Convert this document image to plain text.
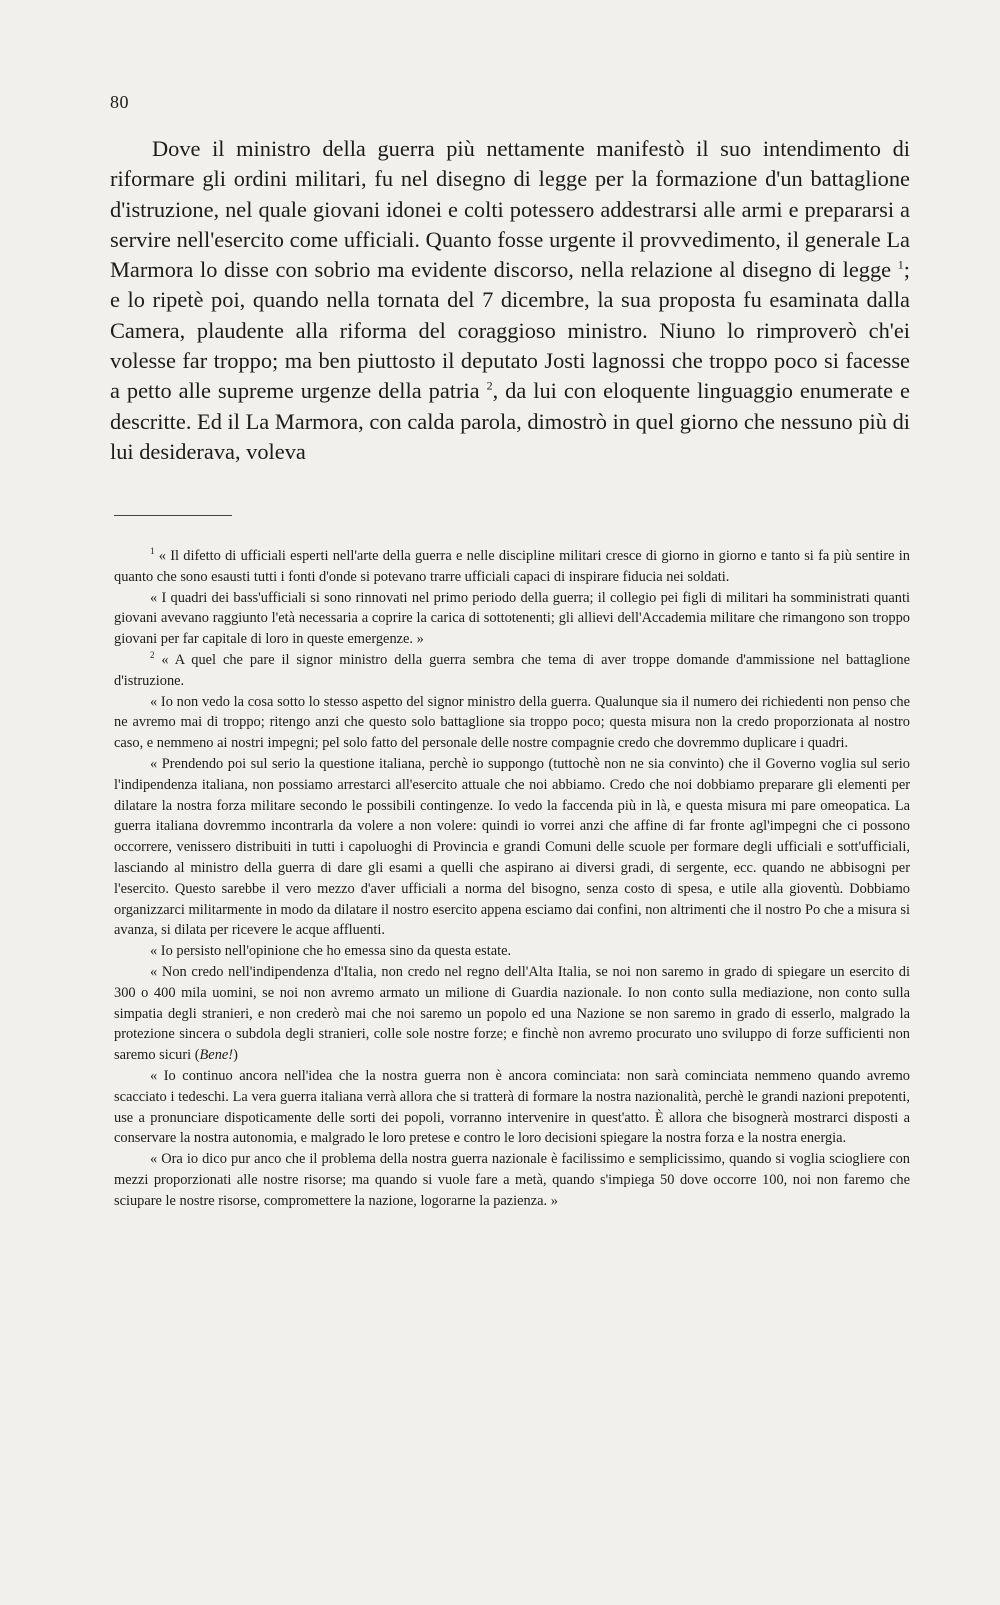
80

Dove il ministro della guerra più nettamente manifestò il suo intendimento di riformare gli ordini militari, fu nel disegno di legge per la formazione d'un battaglione d'istruzione, nel quale giovani idonei e colti potessero addestrarsi alle armi e prepararsi a servire nell'esercito come ufficiali. Quanto fosse urgente il provvedimento, il generale La Marmora lo disse con sobrio ma evidente discorso, nella relazione al disegno di legge $^1$; e lo ripetè poi, quando nella tornata del 7 dicembre, la sua proposta fu esaminata dalla Camera, plaudente alla riforma del coraggioso ministro. Niuno lo rimproverò ch'ei volesse far troppo; ma ben piuttosto il deputato Josti lagnossi che troppo poco si facesse a petto alle supreme urgenze della patria $^2$, da lui con eloquente linguaggio enumerate e descritte. Ed il La Marmora, con calda parola, dimostrò in quel giorno che nessuno più di lui desiderava, voleva

$^1$ « Il difetto di ufficiali esperti nell'arte della guerra e nelle discipline militari cresce di giorno in giorno e tanto si fa più sentire in quanto che sono esausti tutti i fonti d'onde si potevano trarre ufficiali capaci di inspirare fiducia nei soldati.

« I quadri dei bass'ufficiali si sono rinnovati nel primo periodo della guerra; il collegio pei figli di militari ha somministrati quanti giovani avevano raggiunto l'età necessaria a coprire la carica di sottotenenti; gli allievi dell'Accademia militare che rimangono son troppo giovani per far capitale di loro in queste emergenze. »

$^2$ « A quel che pare il signor ministro della guerra sembra che tema di aver troppe domande d'ammissione nel battaglione d'istruzione.

« Io non vedo la cosa sotto lo stesso aspetto del signor ministro della guerra. Qualunque sia il numero dei richiedenti non penso che ne avremo mai di troppo; ritengo anzi che questo solo battaglione sia troppo poco; questa misura non la credo proporzionata al nostro caso, e nemmeno ai nostri impegni; pel solo fatto del personale delle nostre compagnie credo che dovremmo duplicare i quadri.

« Prendendo poi sul serio la questione italiana, perchè io suppongo (tuttochè non ne sia convinto) che il Governo voglia sul serio l'indipendenza italiana, non possiamo arrestarci all'esercito attuale che noi abbiamo. Credo che noi dobbiamo preparare gli elementi per dilatare la nostra forza militare secondo le possibili contingenze. Io vedo la faccenda più in là, e questa misura mi pare omeopatica. La guerra italiana dovremmo incontrarla da volere a non volere: quindi io vorrei anzi che affine di far fronte agl'impegni che ci possono occorrere, venissero distribuiti in tutti i capoluoghi di Provincia e grandi Comuni delle scuole per formare degli ufficiali e sott'ufficiali, lasciando al ministro della guerra di dare gli esami a quelli che aspirano ai diversi gradi, di sergente, ecc. quando ne abbisogni per l'esercito. Questo sarebbe il vero mezzo d'aver ufficiali a norma del bisogno, senza costo di spesa, e utile alla gioventù. Dobbiamo organizzarci militarmente in modo da dilatare il nostro esercito appena esciamo dai confini, non altrimenti che il nostro Po che a misura si avanza, si dilata per ricevere le acque affluenti.

« Io persisto nell'opinione che ho emessa sino da questa estate.

« Non credo nell'indipendenza d'Italia, non credo nel regno dell'Alta Italia, se noi non saremo in grado di spiegare un esercito di 300 o 400 mila uomini, se noi non avremo armato un milione di Guardia nazionale. Io non conto sulla mediazione, non conto sulla simpatia degli stranieri, e non crederò mai che noi saremo un popolo ed una Nazione se non saremo in grado di esserlo, malgrado la protezione sincera o subdola degli stranieri, colle sole nostre forze; e finchè non avremo procurato uno sviluppo di forze sufficienti non saremo sicuri (Bene!)

« Io continuo ancora nell'idea che la nostra guerra non è ancora cominciata: non sarà cominciata nemmeno quando avremo scacciato i tedeschi. La vera guerra italiana verrà allora che si tratterà di formare la nostra nazionalità, perchè le grandi nazioni prepotenti, use a pronunciare dispoticamente delle sorti dei popoli, vorranno intervenire in quest'atto. È allora che bisognerà mostrarci disposti a conservare la nostra autonomia, e malgrado le loro pretese e contro le loro decisioni spiegare la nostra forza e la nostra energia.

« Ora io dico pur anco che il problema della nostra guerra nazionale è facilissimo e semplicissimo, quando si voglia sciogliere con mezzi proporzionati alle nostre risorse; ma quando si vuole fare a metà, quando s'impiega 50 dove occorre 100, noi non faremo che sciupare le nostre risorse, compromettere la nazione, logorarne la pazienza. »
